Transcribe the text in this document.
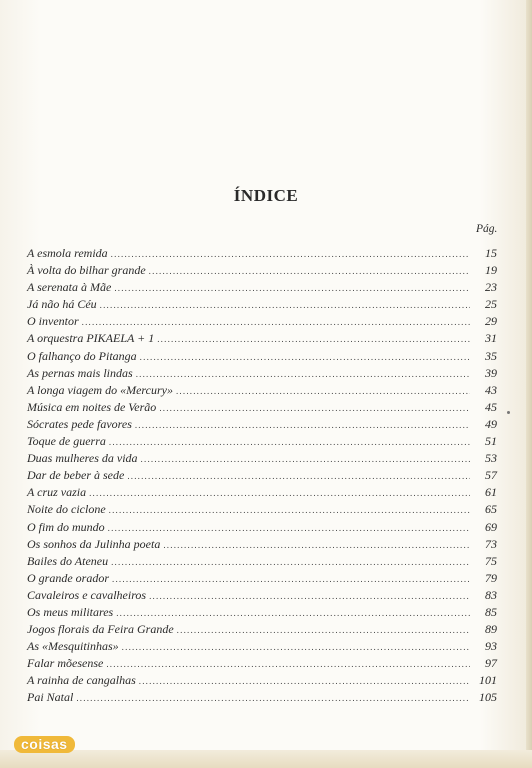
ÍNDICE
Pág.
A esmola remida .....	15
À volta do bilhar grande .....	19
A serenata à Mãe .....	23
Já não há Céu .....	25
O inventor .....	29
A orquestra PIKAELA + 1 .....	31
O falhanço do Pitanga .....	35
As pernas mais lindas .....	39
A longa viagem do «Mercury» .....	43
Música em noites de Verão .....	45
Sócrates pede favores .....	49
Toque de guerra .....	51
Duas mulheres da vida .....	53
Dar de beber à sede .....	57
A cruz vazia .....	61
Noite do ciclone .....	65
O fim do mundo .....	69
Os sonhos da Julinha poeta .....	73
Bailes do Ateneu .....	75
O grande orador .....	79
Cavaleiros e cavalheiros .....	83
Os meus militares .....	85
Jogos florais da Feira Grande .....	89
As «Mesquitinhas» .....	93
Falar mõesense .....	97
A rainha de cangalhas .....	101
Pai Natal .....	105
coisas
